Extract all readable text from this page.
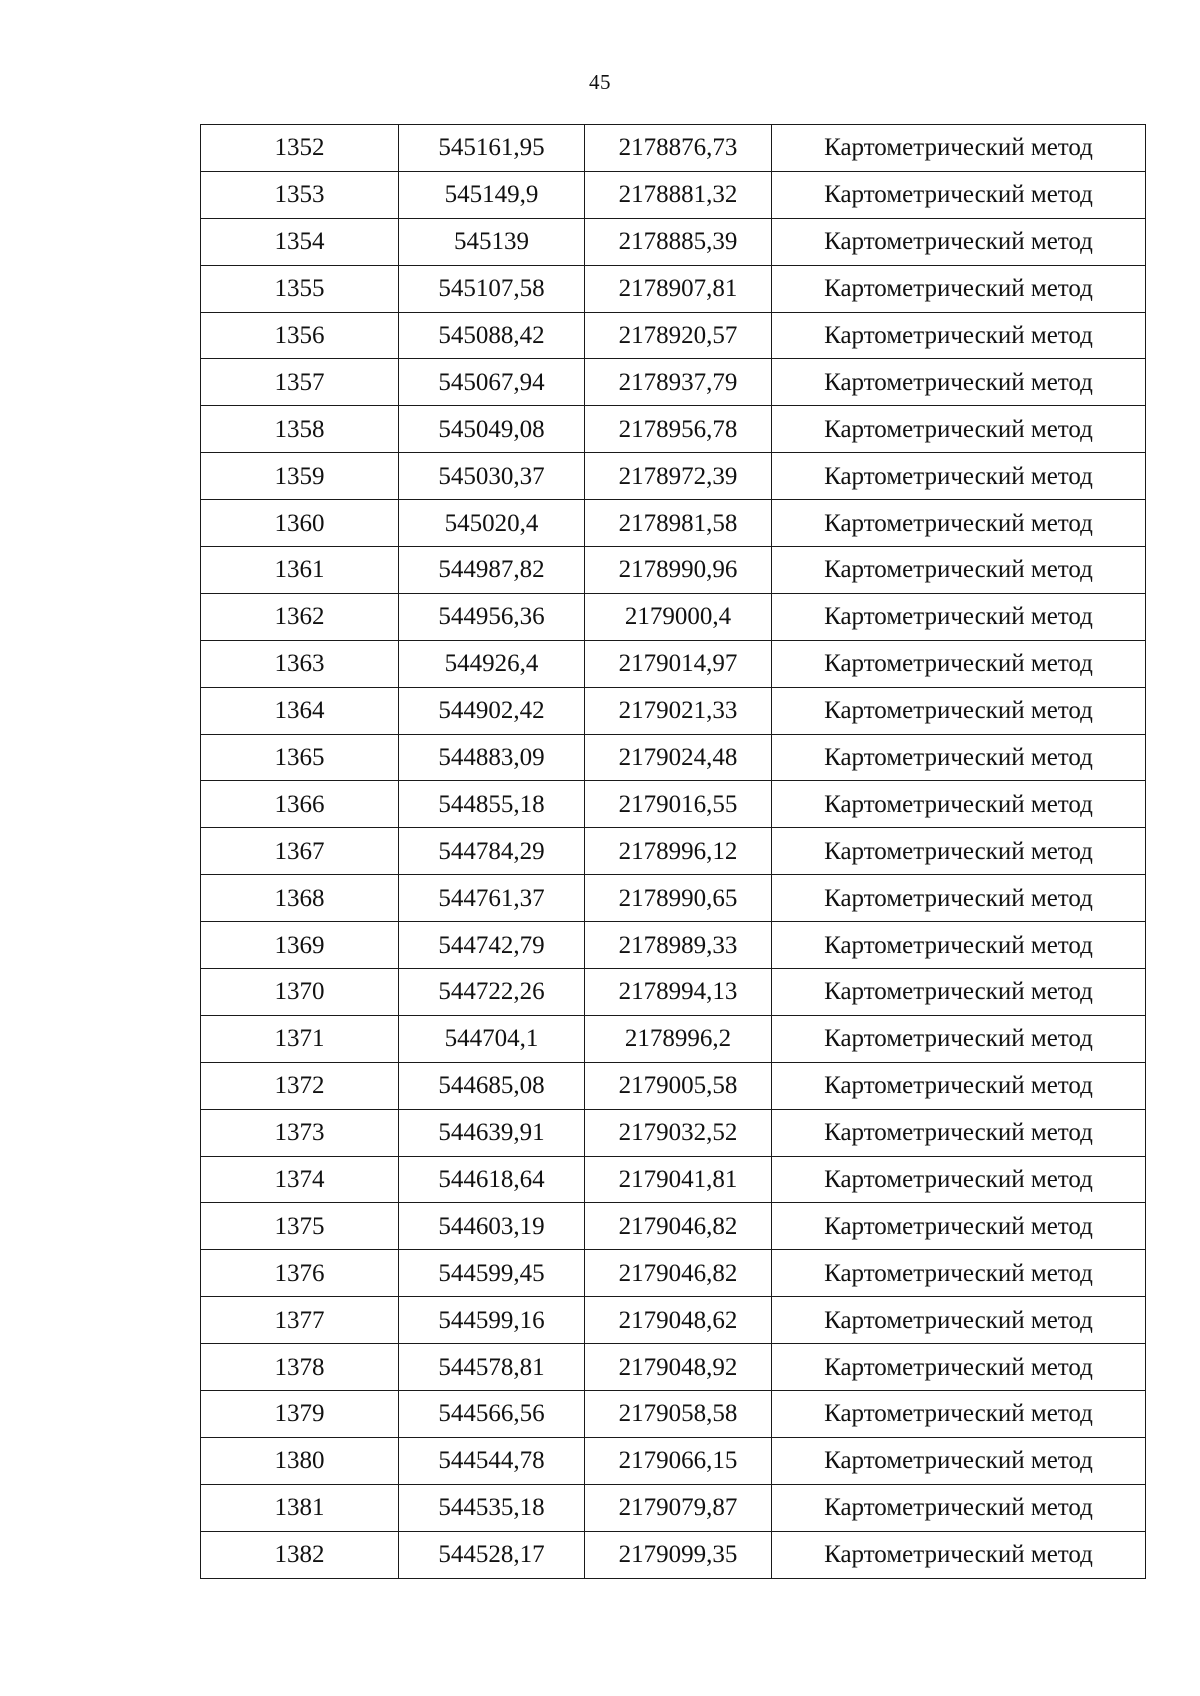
45
1352	545161,95	2178876,73	Картометрический метод
1353	545149,9	2178881,32	Картометрический метод
1354	545139	2178885,39	Картометрический метод
1355	545107,58	2178907,81	Картометрический метод
1356	545088,42	2178920,57	Картометрический метод
1357	545067,94	2178937,79	Картометрический метод
1358	545049,08	2178956,78	Картометрический метод
1359	545030,37	2178972,39	Картометрический метод
1360	545020,4	2178981,58	Картометрический метод
1361	544987,82	2178990,96	Картометрический метод
1362	544956,36	2179000,4	Картометрический метод
1363	544926,4	2179014,97	Картометрический метод
1364	544902,42	2179021,33	Картометрический метод
1365	544883,09	2179024,48	Картометрический метод
1366	544855,18	2179016,55	Картометрический метод
1367	544784,29	2178996,12	Картометрический метод
1368	544761,37	2178990,65	Картометрический метод
1369	544742,79	2178989,33	Картометрический метод
1370	544722,26	2178994,13	Картометрический метод
1371	544704,1	2178996,2	Картометрический метод
1372	544685,08	2179005,58	Картометрический метод
1373	544639,91	2179032,52	Картометрический метод
1374	544618,64	2179041,81	Картометрический метод
1375	544603,19	2179046,82	Картометрический метод
1376	544599,45	2179046,82	Картометрический метод
1377	544599,16	2179048,62	Картометрический метод
1378	544578,81	2179048,92	Картометрический метод
1379	544566,56	2179058,58	Картометрический метод
1380	544544,78	2179066,15	Картометрический метод
1381	544535,18	2179079,87	Картометрический метод
1382	544528,17	2179099,35	Картометрический метод
